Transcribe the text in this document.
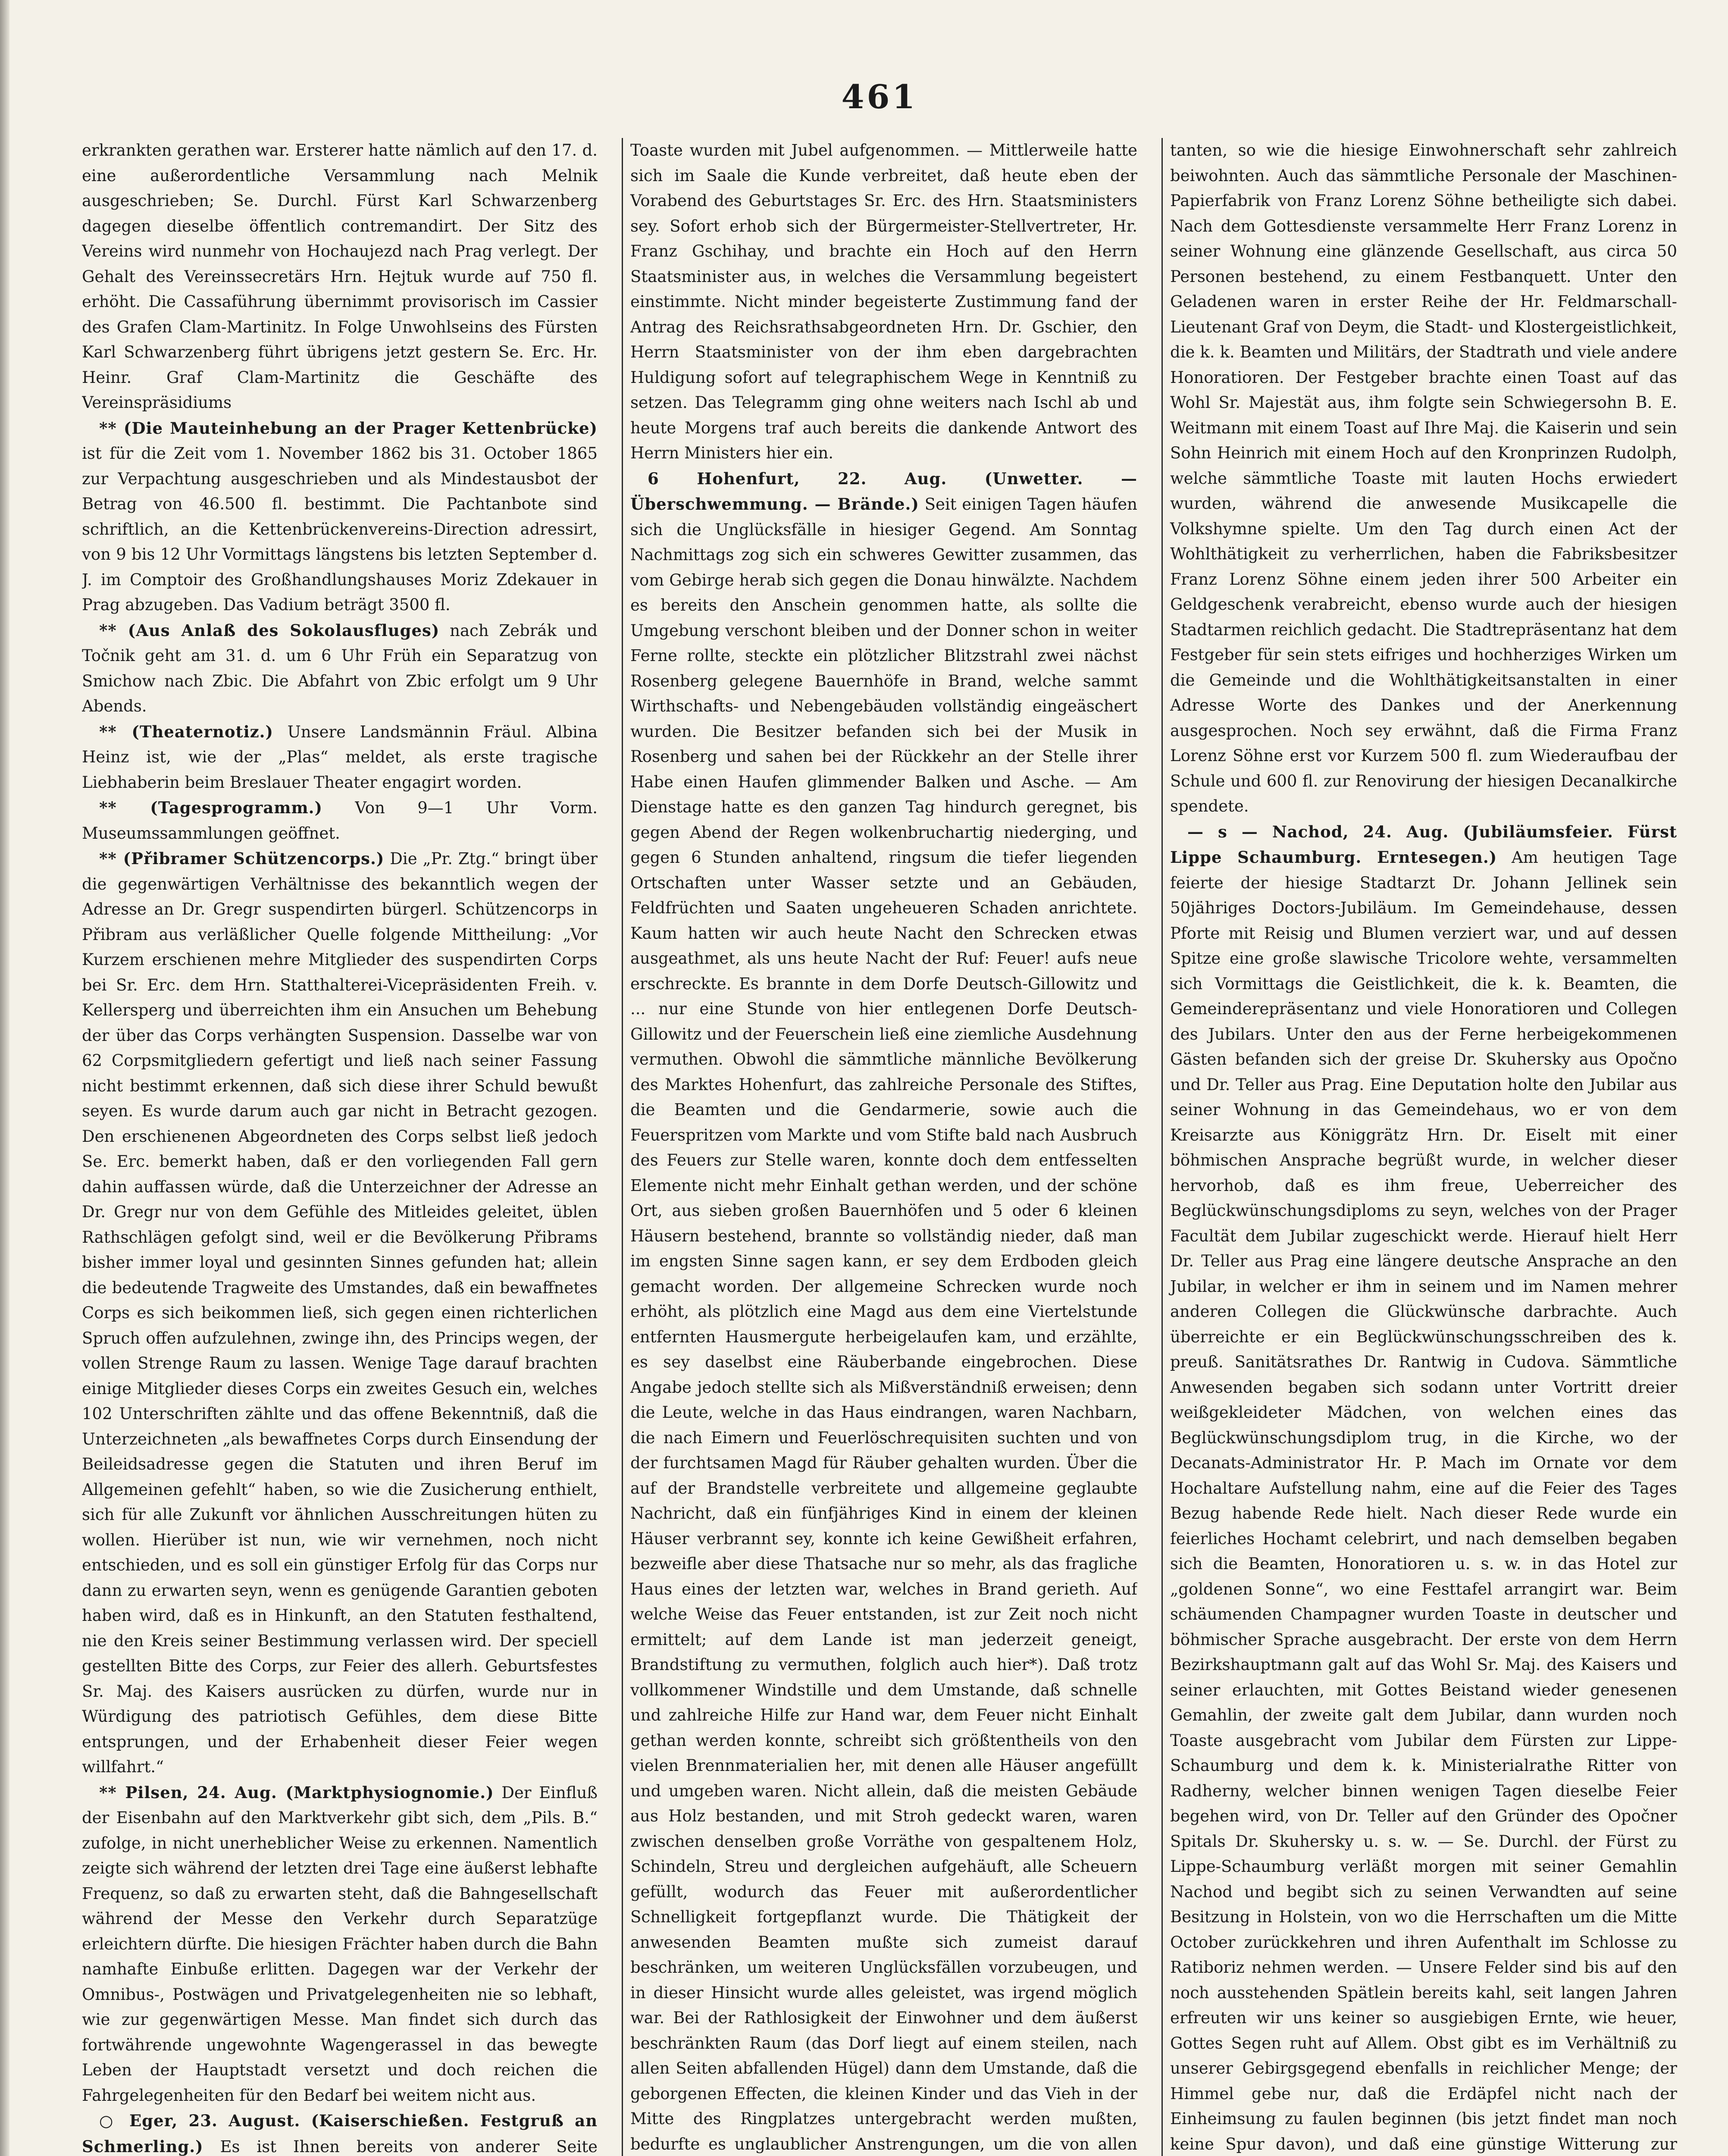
461

erkrankten gerathen war. Ersterer hatte nämlich auf den 17. d. eine außerordentliche Versammlung nach Melnik ausgeschrieben; Se. Durchl. Fürst Karl Schwarzenberg dagegen dieselbe öffentlich contremandirt. Der Sitz des Vereins wird nunmehr von Hochaujezd nach Prag verlegt. Der Gehalt des Vereinssecretärs Hrn. Hejtuk wurde auf 750 fl. erhöht. Die Cassaführung übernimmt provisorisch im Cassier des Grafen Clam-Martinitz. In Folge Unwohlseins des Fürsten Karl Schwarzenberg führt übrigens jetzt gestern Se. Erc. Hr. Heinr. Graf Clam-Martinitz die Geschäfte des Vereinspräsidiums

** (Die Mauteinhebung an der Prager Kettenbrücke) ist für die Zeit vom 1. November 1862 bis 31. October 1865 zur Verpachtung ausgeschrieben und als Mindestausbot der Betrag von 46.500 fl. bestimmt. Die Pachtanbote sind schriftlich, an die Kettenbrückenvereins-Direction adressirt, von 9 bis 12 Uhr Vormittags längstens bis letzten September d. J. im Comptoir des Großhandlungshauses Moriz Zdekauer in Prag abzugeben. Das Vadium beträgt 3500 fl.

** (Aus Anlaß des Sokolausfluges) nach Zebrák und Točnik geht am 31. d. um 6 Uhr Früh ein Separatzug von Smichow nach Zbic. Die Abfahrt von Zbic erfolgt um 9 Uhr Abends.

** (Theaternotiz.) Unsere Landsmännin Fräul. Albina Heinz ist, wie der „Plas“ meldet, als erste tragische Liebhaberin beim Breslauer Theater engagirt worden.

** (Tagesprogramm.) Von 9—1 Uhr Vorm. Museumssammlungen geöffnet.

** (Přibramer Schützencorps.) Die „Pr. Ztg.“ bringt über die gegenwärtigen Verhältnisse des bekanntlich wegen der Adresse an Dr. Gregr suspendirten bürgerl. Schützencorps in Přibram aus verläßlicher Quelle folgende Mittheilung: „Vor Kurzem erschienen mehre Mitglieder des suspendirten Corps bei Sr. Erc. dem Hrn. Statthalterei-Vicepräsidenten Freih. v. Kellersperg und überreichten ihm ein Ansuchen um Behebung der über das Corps verhängten Suspension. Dasselbe war von 62 Corpsmitgliedern gefertigt und ließ nach seiner Fassung nicht bestimmt erkennen, daß sich diese ihrer Schuld bewußt seyen. Es wurde darum auch gar nicht in Betracht gezogen. Den erschienenen Abgeordneten des Corps selbst ließ jedoch Se. Erc. bemerkt haben, daß er den vorliegenden Fall gern dahin auffassen würde, daß die Unterzeichner der Adresse an Dr. Gregr nur von dem Gefühle des Mitleides geleitet, üblen Rathschlägen gefolgt sind, weil er die Bevölkerung Přibrams bisher immer loyal und gesinnten Sinnes gefunden hat; allein die bedeutende Tragweite des Umstandes, daß ein bewaffnetes Corps es sich beikommen ließ, sich gegen einen richterlichen Spruch offen aufzulehnen, zwinge ihn, des Princips wegen, der vollen Strenge Raum zu lassen. Wenige Tage darauf brachten einige Mitglieder dieses Corps ein zweites Gesuch ein, welches 102 Unterschriften zählte und das offene Bekenntniß, daß die Unterzeichneten „als bewaffnetes Corps durch Einsendung der Beileidsadresse gegen die Statuten und ihren Beruf im Allgemeinen gefehlt“ haben, so wie die Zusicherung enthielt, sich für alle Zukunft vor ähnlichen Ausschreitungen hüten zu wollen. Hierüber ist nun, wie wir vernehmen, noch nicht entschieden, und es soll ein günstiger Erfolg für das Corps nur dann zu erwarten seyn, wenn es genügende Garantien geboten haben wird, daß es in Hinkunft, an den Statuten festhaltend, nie den Kreis seiner Bestimmung verlassen wird. Der speciell gestellten Bitte des Corps, zur Feier des allerh. Geburtsfestes Sr. Maj. des Kaisers ausrücken zu dürfen, wurde nur in Würdigung des patriotisch Gefühles, dem diese Bitte entsprungen, und der Erhabenheit dieser Feier wegen willfahrt.“

** Pilsen, 24. Aug. (Marktphysiognomie.) Der Einfluß der Eisenbahn auf den Marktverkehr gibt sich, dem „Pils. B.“ zufolge, in nicht unerheblicher Weise zu erkennen. Namentlich zeigte sich während der letzten drei Tage eine äußerst lebhafte Frequenz, so daß zu erwarten steht, daß die Bahngesellschaft während der Messe den Verkehr durch Separatzüge erleichtern dürfte. Die hiesigen Frächter haben durch die Bahn namhafte Einbuße erlitten. Dagegen war der Verkehr der Omnibus-, Postwägen und Privatgelegenheiten nie so lebhaft, wie zur gegenwärtigen Messe. Man findet sich durch das fortwährende ungewohnte Wagengerassel in das bewegte Leben der Hauptstadt versetzt und doch reichen die Fahrgelegenheiten für den Bedarf bei weitem nicht aus.

○ Eger, 23. August. (Kaiserschießen. Festgruß an Schmerling.) Es ist Ihnen bereits von anderer Seite

Toaste wurden mit Jubel aufgenommen. — Mittlerweile hatte sich im Saale die Kunde verbreitet, daß heute eben der Vorabend des Geburtstages Sr. Erc. des Hrn. Staatsministers sey. Sofort erhob sich der Bürgermeister-Stellvertreter, Hr. Franz Gschihay, und brachte ein Hoch auf den Herrn Staatsminister aus, in welches die Versammlung begeistert einstimmte. Nicht minder begeisterte Zustimmung fand der Antrag des Reichsrathsabgeordneten Hrn. Dr. Gschier, den Herrn Staatsminister von der ihm eben dargebrachten Huldigung sofort auf telegraphischem Wege in Kenntniß zu setzen. Das Telegramm ging ohne weiters nach Ischl ab und heute Morgens traf auch bereits die dankende Antwort des Herrn Ministers hier ein.

6 Hohenfurt, 22. Aug. (Unwetter. — Überschwemmung. — Brände.) Seit einigen Tagen häufen sich die Unglücksfälle in hiesiger Gegend. Am Sonntag Nachmittags zog sich ein schweres Gewitter zusammen, das vom Gebirge herab sich gegen die Donau hinwälzte. Nachdem es bereits den Anschein genommen hatte, als sollte die Umgebung verschont bleiben und der Donner schon in weiter Ferne rollte, steckte ein plötzlicher Blitzstrahl zwei nächst Rosenberg gelegene Bauernhöfe in Brand, welche sammt Wirthschafts- und Nebengebäuden vollständig eingeäschert wurden. Die Besitzer befanden sich bei der Musik in Rosenberg und sahen bei der Rückkehr an der Stelle ihrer Habe einen Haufen glimmender Balken und Asche. — Am Dienstage hatte es den ganzen Tag hindurch geregnet, bis gegen Abend der Regen wolkenbruchartig niederging, und gegen 6 Stunden anhaltend, ringsum die tiefer liegenden Ortschaften unter Wasser setzte und an Gebäuden, Feldfrüchten und Saaten ungeheueren Schaden anrichtete. Kaum hatten wir auch heute Nacht den Schrecken etwas ausgeathmet, als uns heute Nacht der Ruf: Feuer! aufs neue erschreckte. Es brannte in dem Dorfe Deutsch-Gillowitz und ... nur eine Stunde von hier entlegenen Dorfe Deutsch-Gillowitz und der Feuerschein ließ eine ziemliche Ausdehnung vermuthen. Obwohl die sämmtliche männliche Bevölkerung des Marktes Hohenfurt, das zahlreiche Personale des Stiftes, die Beamten und die Gendarmerie, sowie auch die Feuerspritzen vom Markte und vom Stifte bald nach Ausbruch des Feuers zur Stelle waren, konnte doch dem entfesselten Elemente nicht mehr Einhalt gethan werden, und der schöne Ort, aus sieben großen Bauernhöfen und 5 oder 6 kleinen Häusern bestehend, brannte so vollständig nieder, daß man im engsten Sinne sagen kann, er sey dem Erdboden gleich gemacht worden. Der allgemeine Schrecken wurde noch erhöht, als plötzlich eine Magd aus dem eine Viertelstunde entfernten Hausmergute herbeigelaufen kam, und erzählte, es sey daselbst eine Räuberbande eingebrochen. Diese Angabe jedoch stellte sich als Mißverständniß erweisen; denn die Leute, welche in das Haus eindrangen, waren Nachbarn, die nach Eimern und Feuerlöschrequisiten suchten und von der furchtsamen Magd für Räuber gehalten wurden. Über die auf der Brandstelle verbreitete und allgemeine geglaubte Nachricht, daß ein fünfjähriges Kind in einem der kleinen Häuser verbrannt sey, konnte ich keine Gewißheit erfahren, bezweifle aber diese Thatsache nur so mehr, als das fragliche Haus eines der letzten war, welches in Brand gerieth. Auf welche Weise das Feuer entstanden, ist zur Zeit noch nicht ermittelt; auf dem Lande ist man jederzeit geneigt, Brandstiftung zu vermuthen, folglich auch hier*). Daß trotz vollkommener Windstille und dem Umstande, daß schnelle und zahlreiche Hilfe zur Hand war, dem Feuer nicht Einhalt gethan werden konnte, schreibt sich größtentheils von den vielen Brennmaterialien her, mit denen alle Häuser angefüllt und umgeben waren. Nicht allein, daß die meisten Gebäude aus Holz bestanden, und mit Stroh gedeckt waren, waren zwischen denselben große Vorräthe von gespaltenem Holz, Schindeln, Streu und dergleichen aufgehäuft, alle Scheuern gefüllt, wodurch das Feuer mit außerordentlicher Schnelligkeit fortgepflanzt wurde. Die Thätigkeit der anwesenden Beamten mußte sich zumeist darauf beschränken, um weiteren Unglücksfällen vorzubeugen, und in dieser Hinsicht wurde alles geleistet, was irgend möglich war. Bei der Rathlosigkeit der Einwohner und dem äußerst beschränkten Raum (das Dorf liegt auf einem steilen, nach allen Seiten abfallenden Hügel) dann dem Umstande, daß die geborgenen Effecten, die kleinen Kinder und das Vieh in der Mitte des Ringplatzes untergebracht werden mußten, bedurfte es unglaublicher Anstrengungen, um die von allen

tanten, so wie die hiesige Einwohnerschaft sehr zahlreich beiwohnten. Auch das sämmtliche Personale der Maschinen-Papierfabrik von Franz Lorenz Söhne betheiligte sich dabei. Nach dem Gottesdienste versammelte Herr Franz Lorenz in seiner Wohnung eine glänzende Gesellschaft, aus circa 50 Personen bestehend, zu einem Festbanquett. Unter den Geladenen waren in erster Reihe der Hr. Feldmarschall-Lieutenant Graf von Deym, die Stadt- und Klostergeistlichkeit, die k. k. Beamten und Militärs, der Stadtrath und viele andere Honoratioren. Der Festgeber brachte einen Toast auf das Wohl Sr. Majestät aus, ihm folgte sein Schwiegersohn B. E. Weitmann mit einem Toast auf Ihre Maj. die Kaiserin und sein Sohn Heinrich mit einem Hoch auf den Kronprinzen Rudolph, welche sämmtliche Toaste mit lauten Hochs erwiedert wurden, während die anwesende Musikcapelle die Volkshymne spielte. Um den Tag durch einen Act der Wohlthätigkeit zu verherrlichen, haben die Fabriksbesitzer Franz Lorenz Söhne einem jeden ihrer 500 Arbeiter ein Geldgeschenk verabreicht, ebenso wurde auch der hiesigen Stadtarmen reichlich gedacht. Die Stadtrepräsentanz hat dem Festgeber für sein stets eifriges und hochherziges Wirken um die Gemeinde und die Wohlthätigkeitsanstalten in einer Adresse Worte des Dankes und der Anerkennung ausgesprochen. Noch sey erwähnt, daß die Firma Franz Lorenz Söhne erst vor Kurzem 500 fl. zum Wiederaufbau der Schule und 600 fl. zur Renovirung der hiesigen Decanalkirche spendete.

— s — Nachod, 24. Aug. (Jubiläumsfeier. Fürst Lippe Schaumburg. Erntesegen.) Am heutigen Tage feierte der hiesige Stadtarzt Dr. Johann Jellinek sein 50jähriges Doctors-Jubiläum. Im Gemeindehause, dessen Pforte mit Reisig und Blumen verziert war, und auf dessen Spitze eine große slawische Tricolore wehte, versammelten sich Vormittags die Geistlichkeit, die k. k. Beamten, die Gemeinderepräsentanz und viele Honoratioren und Collegen des Jubilars. Unter den aus der Ferne herbeigekommenen Gästen befanden sich der greise Dr. Skuhersky aus Opočno und Dr. Teller aus Prag. Eine Deputation holte den Jubilar aus seiner Wohnung in das Gemeindehaus, wo er von dem Kreisarzte aus Königgrätz Hrn. Dr. Eiselt mit einer böhmischen Ansprache begrüßt wurde, in welcher dieser hervorhob, daß es ihm freue, Ueberreicher des Beglückwünschungsdiploms zu seyn, welches von der Prager Facultät dem Jubilar zugeschickt werde. Hierauf hielt Herr Dr. Teller aus Prag eine längere deutsche Ansprache an den Jubilar, in welcher er ihm in seinem und im Namen mehrer anderen Collegen die Glückwünsche darbrachte. Auch überreichte er ein Beglückwünschungsschreiben des k. preuß. Sanitätsrathes Dr. Rantwig in Cudova. Sämmtliche Anwesenden begaben sich sodann unter Vortritt dreier weißgekleideter Mädchen, von welchen eines das Beglückwünschungsdiplom trug, in die Kirche, wo der Decanats-Administrator Hr. P. Mach im Ornate vor dem Hochaltare Aufstellung nahm, eine auf die Feier des Tages Bezug habende Rede hielt. Nach dieser Rede wurde ein feierliches Hochamt celebrirt, und nach demselben begaben sich die Beamten, Honoratioren u. s. w. in das Hotel zur „goldenen Sonne“, wo eine Festtafel arrangirt war. Beim schäumenden Champagner wurden Toaste in deutscher und böhmischer Sprache ausgebracht. Der erste von dem Herrn Bezirkshauptmann galt auf das Wohl Sr. Maj. des Kaisers und seiner erlauchten, mit Gottes Beistand wieder genesenen Gemahlin, der zweite galt dem Jubilar, dann wurden noch Toaste ausgebracht vom Jubilar dem Fürsten zur Lippe-Schaumburg und dem k. k. Ministerialrathe Ritter von Radherny, welcher binnen wenigen Tagen dieselbe Feier begehen wird, von Dr. Teller auf den Gründer des Opočner Spitals Dr. Skuhersky u. s. w. — Se. Durchl. der Fürst zu Lippe-Schaumburg verläßt morgen mit seiner Gemahlin Nachod und begibt sich zu seinen Verwandten auf seine Besitzung in Holstein, von wo die Herrschaften um die Mitte October zurückkehren und ihren Aufenthalt im Schlosse zu Ratiboriz nehmen werden. — Unsere Felder sind bis auf den noch ausstehenden Spätlein bereits kahl, seit langen Jahren erfreuten wir uns keiner so ausgiebigen Ernte, wie heuer, Gottes Segen ruht auf Allem. Obst gibt es im Verhältniß zu unserer Gebirgsgegend ebenfalls in reichlicher Menge; der Himmel gebe nur, daß die Erdäpfel nicht nach der Einheimsung zu faulen beginnen (bis jetzt findet man noch keine Spur davon), und daß eine günstige Witterung zur
